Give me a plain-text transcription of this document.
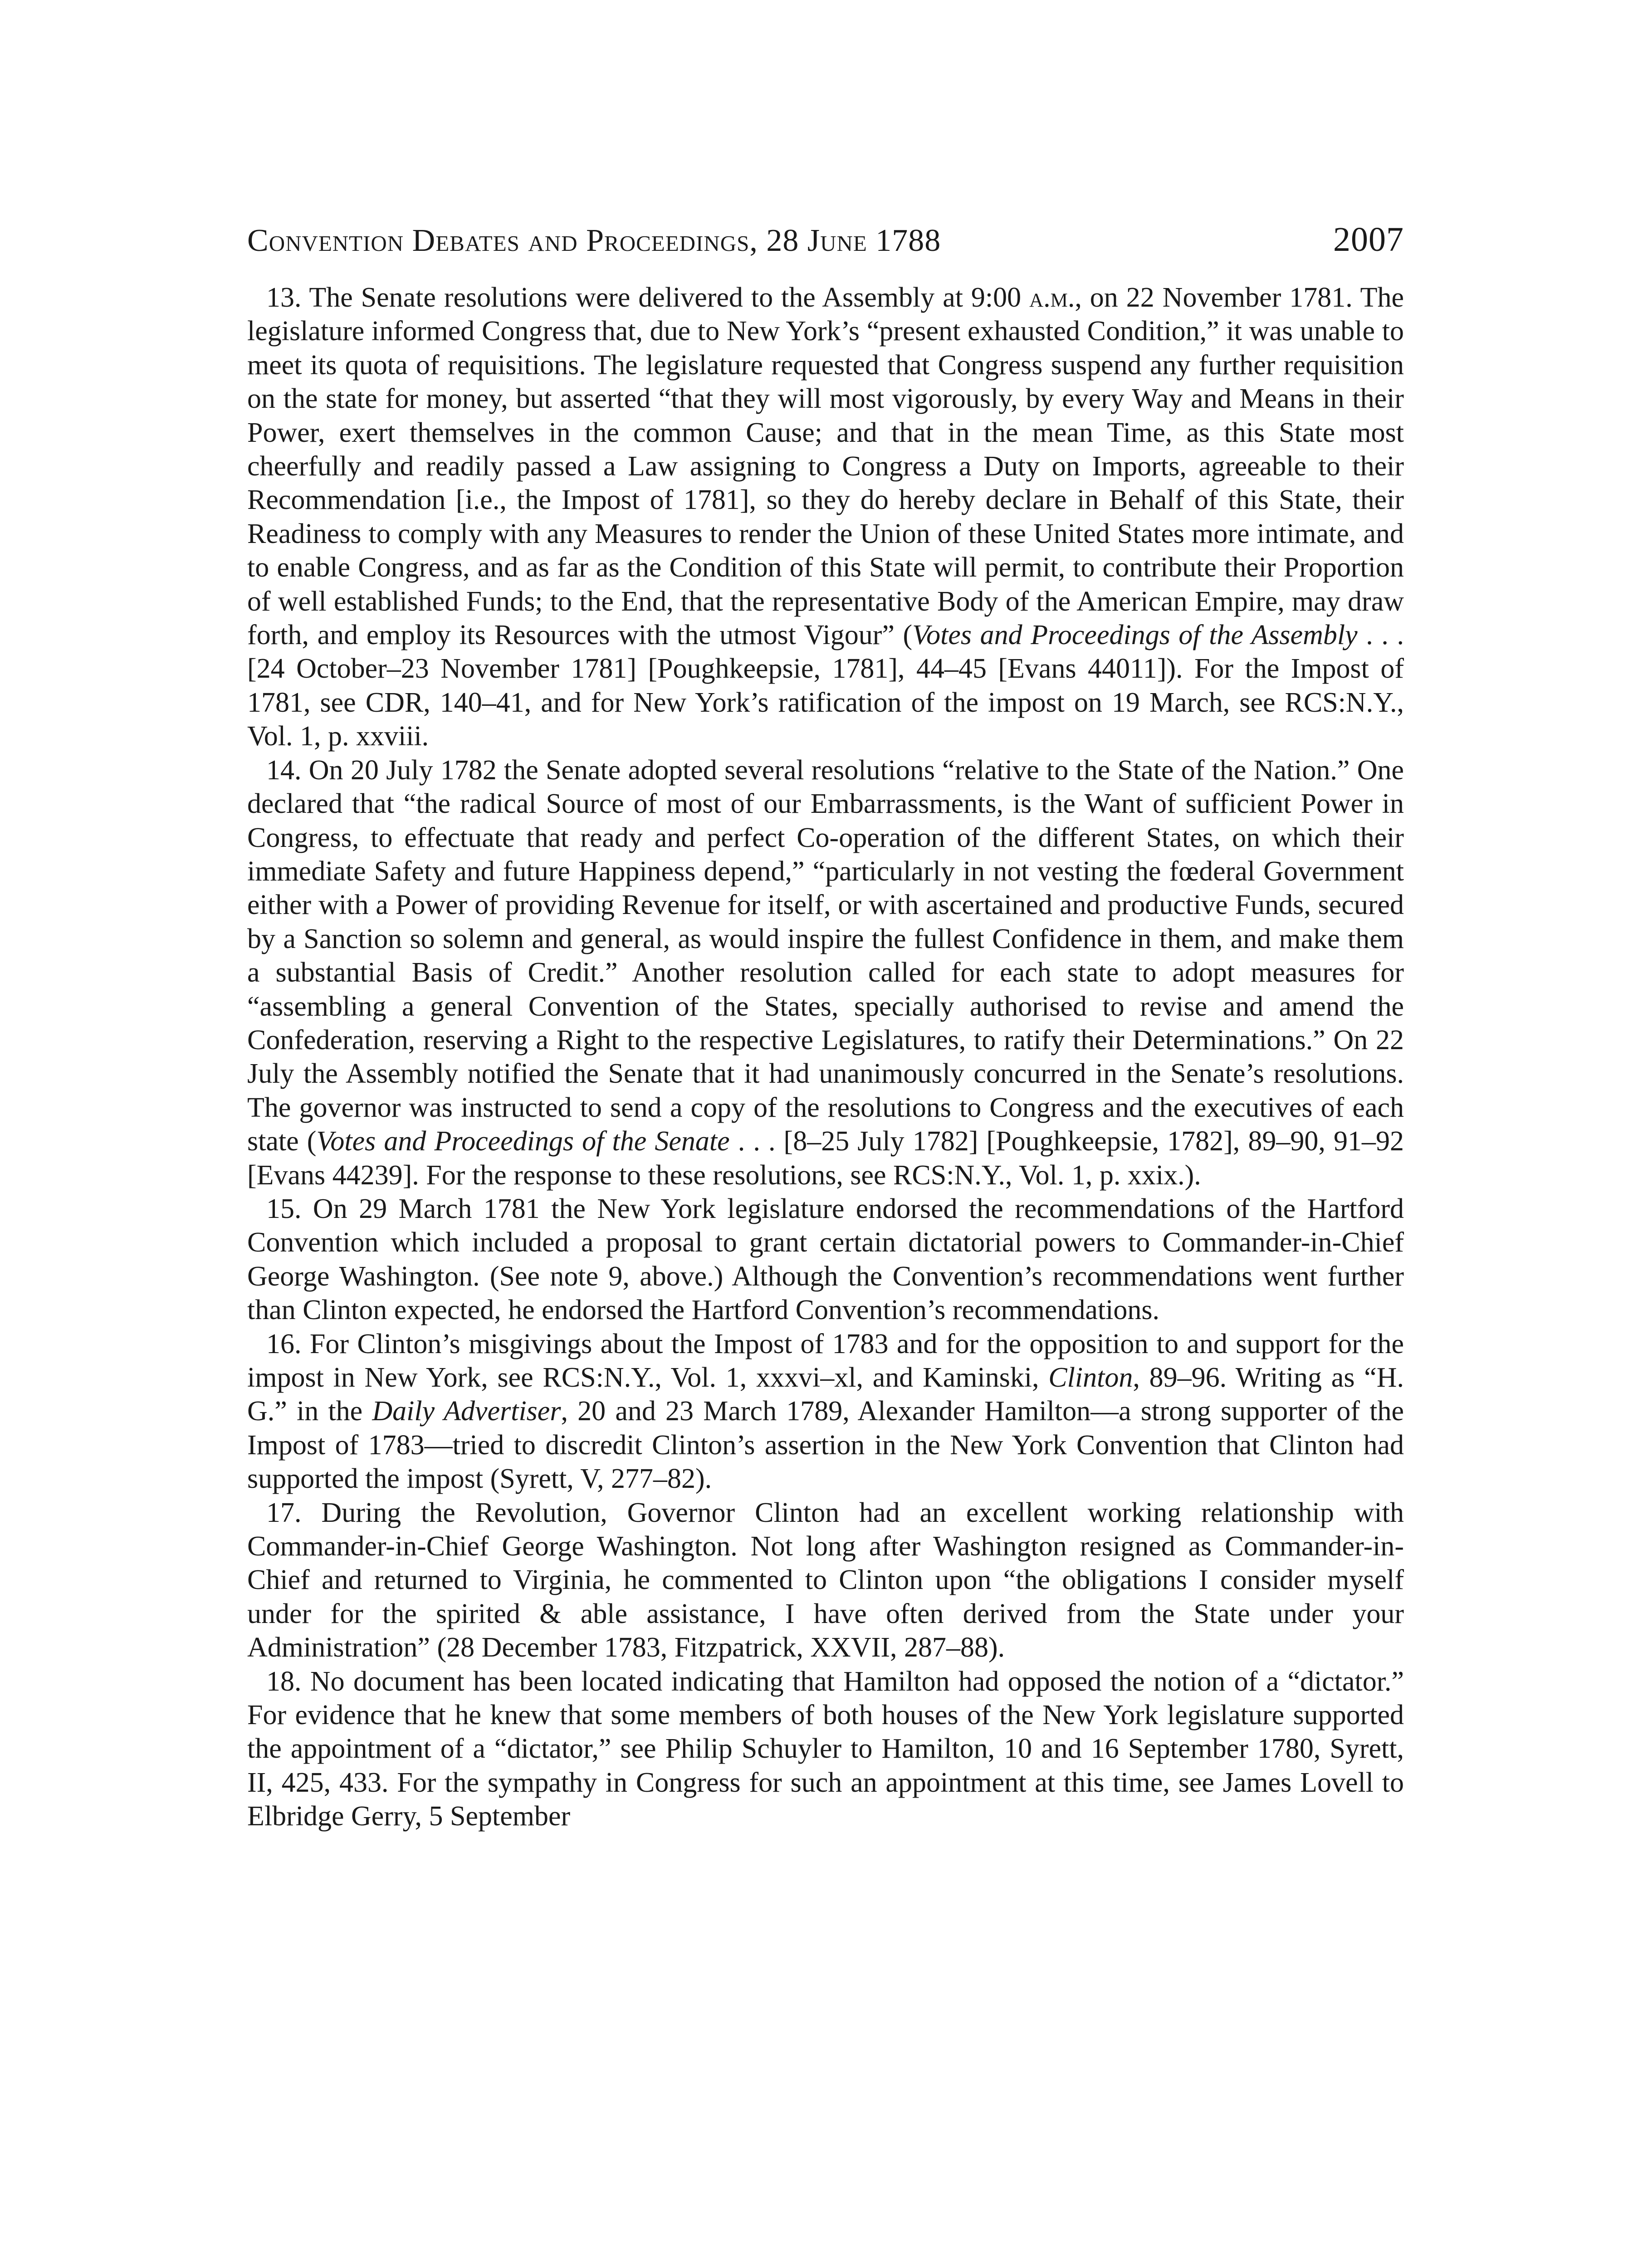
Convention Debates and Proceedings, 28 June 1788	2007

13. The Senate resolutions were delivered to the Assembly at 9:00 a.m., on 22 November 1781. The legislature informed Congress that, due to New York’s “present exhausted Condition,” it was unable to meet its quota of requisitions. The legislature requested that Congress suspend any further requisition on the state for money, but asserted “that they will most vigorously, by every Way and Means in their Power, exert themselves in the common Cause; and that in the mean Time, as this State most cheerfully and readily passed a Law assigning to Congress a Duty on Imports, agreeable to their Recommendation [i.e., the Impost of 1781], so they do hereby declare in Behalf of this State, their Readiness to comply with any Measures to render the Union of these United States more intimate, and to enable Congress, and as far as the Condition of this State will permit, to contribute their Proportion of well established Funds; to the End, that the representative Body of the American Empire, may draw forth, and employ its Resources with the utmost Vigour” (Votes and Proceedings of the Assembly . . . [24 October–23 November 1781] [Poughkeepsie, 1781], 44–45 [Evans 44011]). For the Impost of 1781, see CDR, 140–41, and for New York’s ratification of the impost on 19 March, see RCS:N.Y., Vol. 1, p. xxviii.

14. On 20 July 1782 the Senate adopted several resolutions “relative to the State of the Nation.” One declared that “the radical Source of most of our Embarrassments, is the Want of sufficient Power in Congress, to effectuate that ready and perfect Co-operation of the different States, on which their immediate Safety and future Happiness depend,” “particularly in not vesting the fœderal Government either with a Power of providing Revenue for itself, or with ascertained and productive Funds, secured by a Sanction so solemn and general, as would inspire the fullest Confidence in them, and make them a substantial Basis of Credit.” Another resolution called for each state to adopt measures for “assembling a general Convention of the States, specially authorised to revise and amend the Confederation, reserving a Right to the respective Legislatures, to ratify their Determinations.” On 22 July the Assembly notified the Senate that it had unanimously concurred in the Senate’s resolutions. The governor was instructed to send a copy of the resolutions to Congress and the executives of each state (Votes and Proceedings of the Senate . . . [8–25 July 1782] [Poughkeepsie, 1782], 89–90, 91–92 [Evans 44239]. For the response to these resolutions, see RCS:N.Y., Vol. 1, p. xxix.).

15. On 29 March 1781 the New York legislature endorsed the recommendations of the Hartford Convention which included a proposal to grant certain dictatorial powers to Commander-in-Chief George Washington. (See note 9, above.) Although the Convention’s recommendations went further than Clinton expected, he endorsed the Hartford Convention’s recommendations.

16. For Clinton’s misgivings about the Impost of 1783 and for the opposition to and support for the impost in New York, see RCS:N.Y., Vol. 1, xxxvi–xl, and Kaminski, Clinton, 89–96. Writing as “H. G.” in the Daily Advertiser, 20 and 23 March 1789, Alexander Hamilton—a strong supporter of the Impost of 1783—tried to discredit Clinton’s assertion in the New York Convention that Clinton had supported the impost (Syrett, V, 277–82).

17. During the Revolution, Governor Clinton had an excellent working relationship with Commander-in-Chief George Washington. Not long after Washington resigned as Commander-in-Chief and returned to Virginia, he commented to Clinton upon “the obligations I consider myself under for the spirited & able assistance, I have often derived from the State under your Administration” (28 December 1783, Fitzpatrick, XXVII, 287–88).

18. No document has been located indicating that Hamilton had opposed the notion of a “dictator.” For evidence that he knew that some members of both houses of the New York legislature supported the appointment of a “dictator,” see Philip Schuyler to Hamilton, 10 and 16 September 1780, Syrett, II, 425, 433. For the sympathy in Congress for such an appointment at this time, see James Lovell to Elbridge Gerry, 5 September
